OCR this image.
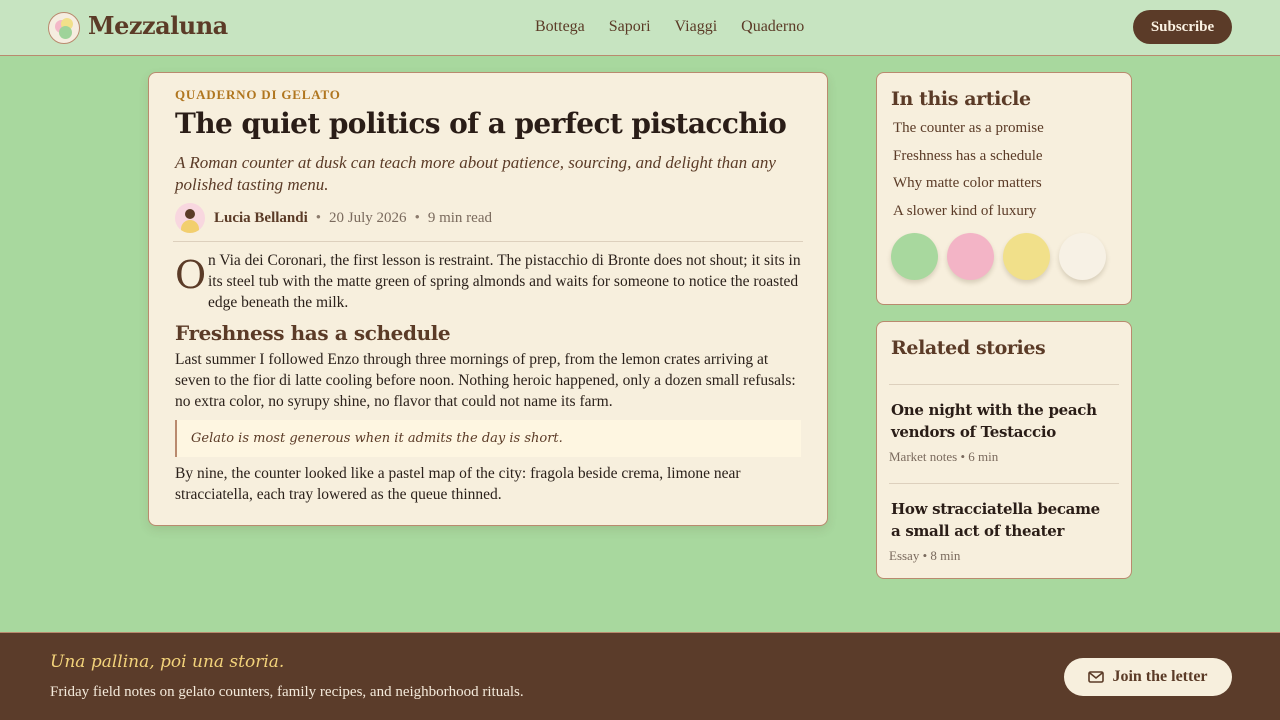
Mezzaluna	Bottega Sapori Viaggi Quaderno	Subscribe
QUADERNO DI GELATO
The quiet politics of a perfect pistacchio

A Roman counter at dusk can teach more about patience, sourcing, and delight than any polished tasting menu.

Lucia Bellandi • 20 July 2026 • 9 min read
O n Via dei Coronari, the first lesson is restraint. The pistacchio di Bronte does not shout; it sits in its steel tub with the matte green of spring almonds and waits for someone to notice the roasted edge beneath the milk.

Freshness has a schedule

Last summer I followed Enzo through three mornings of prep, from the lemon crates arriving at seven to the fior di latte cooling before noon. Nothing heroic happened, only a dozen small refusals: no extra color, no syrupy shine, no flavor that could not name its farm.

Gelato is most generous when it admits the day is short.

By nine, the counter looked like a pastel map of the city: fragola beside crema, limone near stracciatella, each tray lowered as the queue thinned.

In this article
The counter as a promise
Freshness has a schedule
Why matte color matters
A slower kind of luxury
Related stories
One night with the peach vendors of Testaccio
Market notes • 6 min
How stracciatella became a small act of theater
Essay • 8 min
Una pallina, poi una storia.
Friday field notes on gelato counters, family recipes, and neighborhood rituals.
Join the letter
